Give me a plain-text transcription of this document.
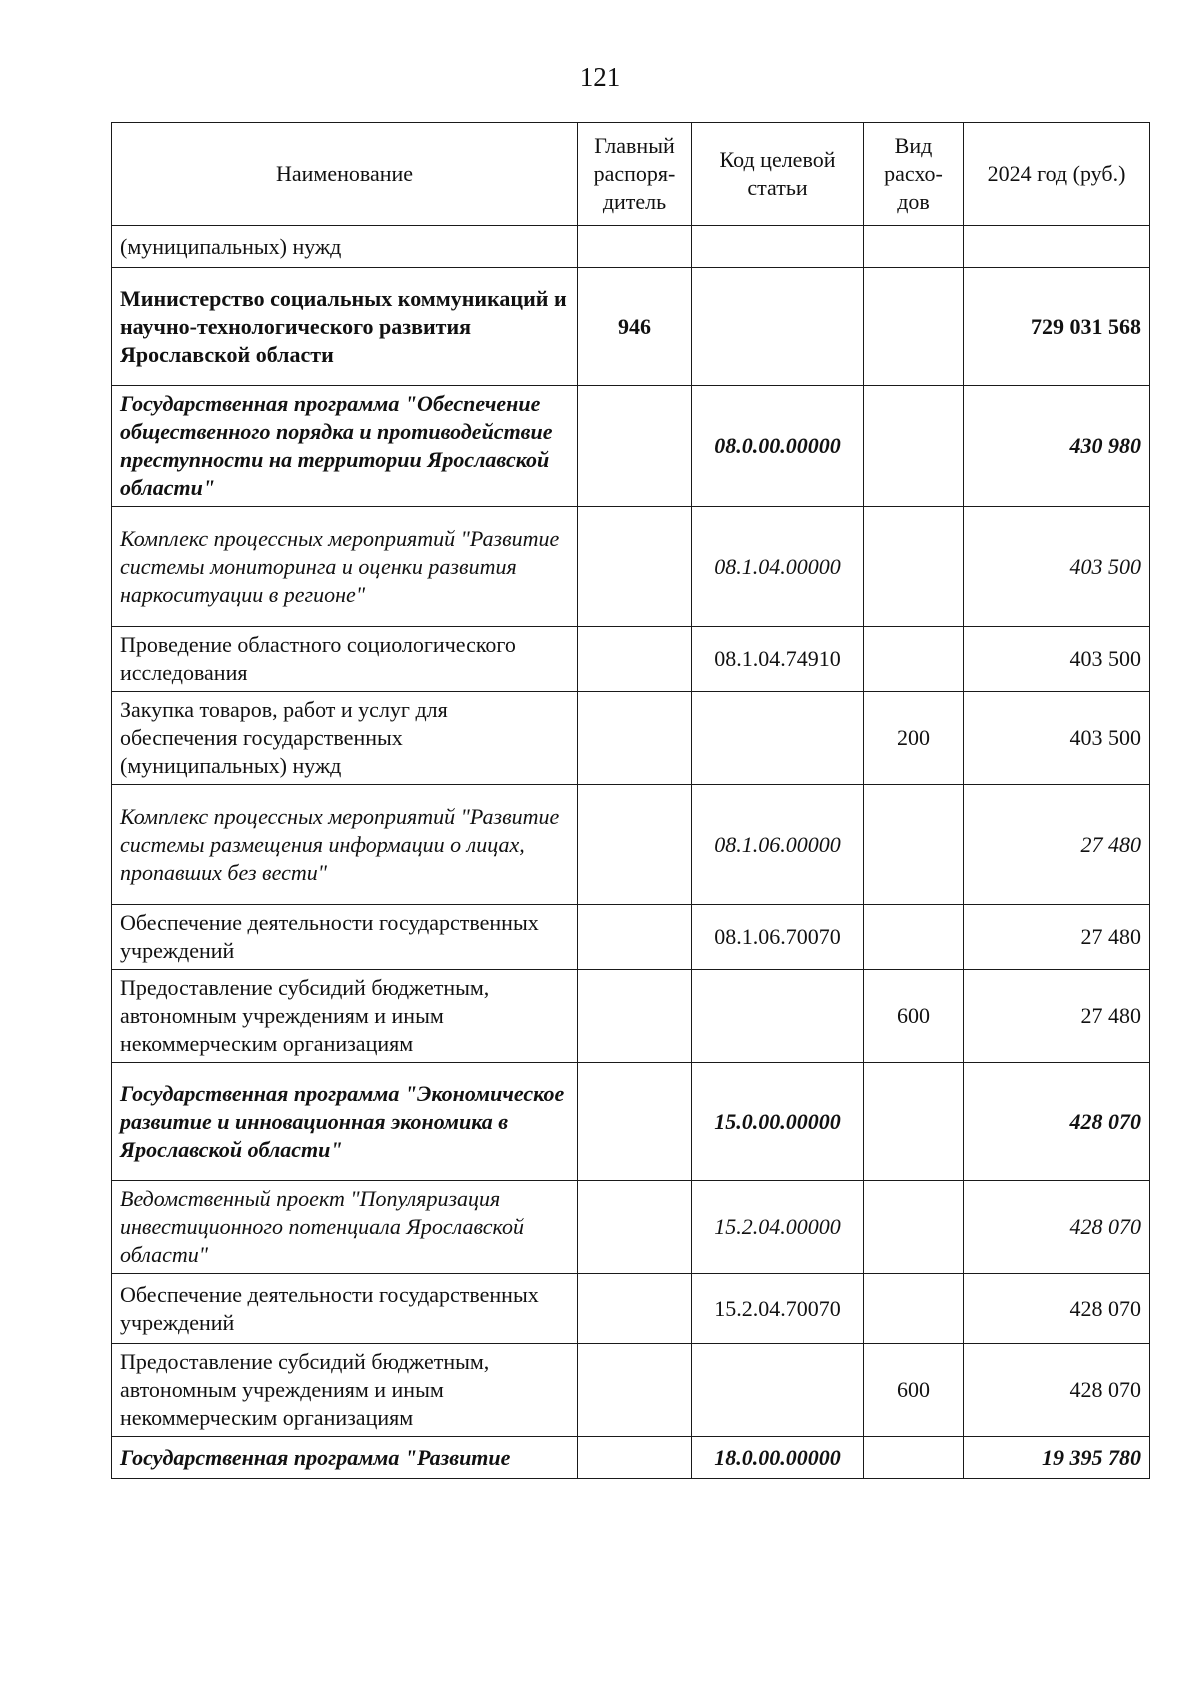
121
Наименование	Главный распоря-дитель	Код целевой статьи	Вид расхо-дов	2024 год (руб.)
(муниципальных) нужд				
Министерство социальных коммуникаций и научно-технологического развития Ярославской области	946			729 031 568
Государственная программа "Обеспечение общественного порядка и противодействие преступности на территории Ярославской области"		08.0.00.00000		430 980
Комплекс процессных мероприятий "Развитие системы мониторинга и оценки развития наркоситуации в регионе"		08.1.04.00000		403 500
Проведение областного социологического исследования		08.1.04.74910		403 500
Закупка товаров, работ и услуг для обеспечения государственных (муниципальных) нужд			200	403 500
Комплекс процессных мероприятий "Развитие системы размещения информации о лицах, пропавших без вести"		08.1.06.00000		27 480
Обеспечение деятельности государственных учреждений		08.1.06.70070		27 480
Предоставление субсидий бюджетным, автономным учреждениям и иным некоммерческим организациям			600	27 480
Государственная программа "Экономическое развитие и инновационная экономика в Ярославской области"		15.0.00.00000		428 070
Ведомственный проект "Популяризация инвестиционного потенциала Ярославской области"		15.2.04.00000		428 070
Обеспечение деятельности государственных учреждений		15.2.04.70070		428 070
Предоставление субсидий бюджетным, автономным учреждениям и иным некоммерческим организациям			600	428 070
Государственная программа "Развитие		18.0.00.00000		19 395 780
